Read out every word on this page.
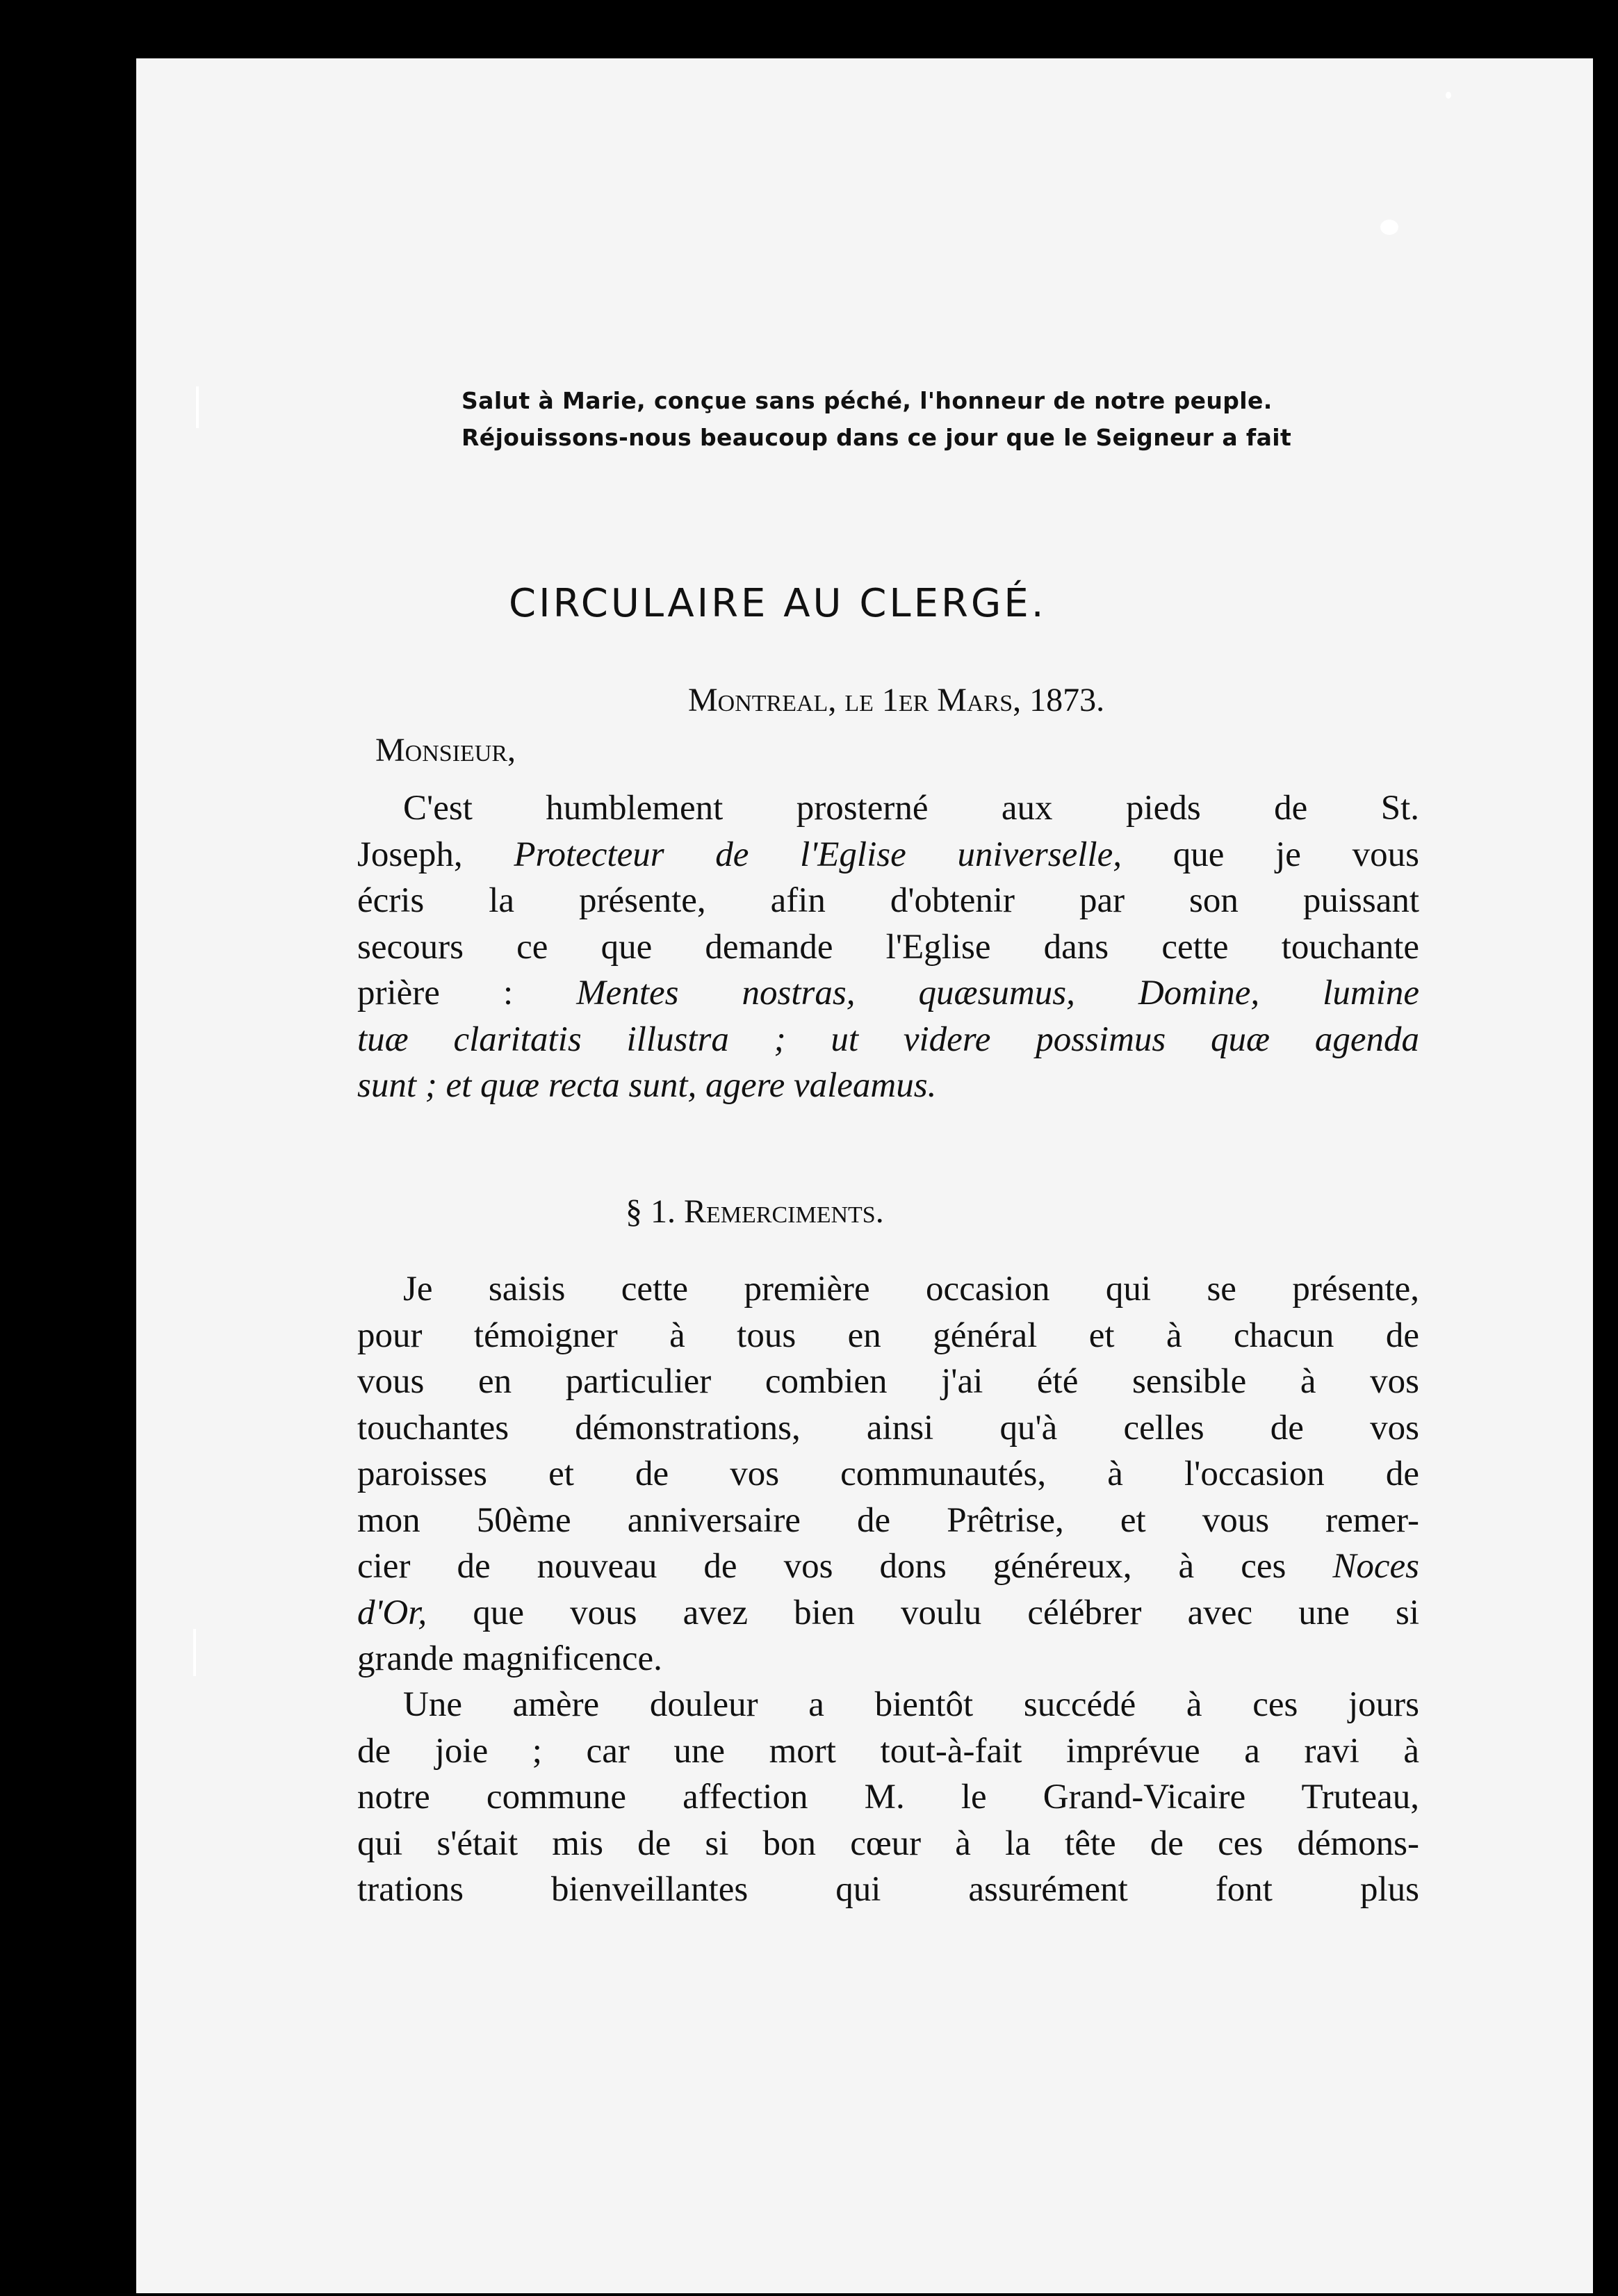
Salut à Marie, conçue sans péché, l'honneur de notre peuple.
Réjouissons-nous beaucoup dans ce jour que le Seigneur a fait
CIRCULAIRE AU CLERGÉ.
Montreal, le 1er Mars, 1873.
Monsieur,
C'est humblement prosterné aux pieds de St.
Joseph, Protecteur de l'Eglise universelle, que je vous
écris la présente, afin d'obtenir par son puissant
secours ce que demande l'Eglise dans cette touchante
prière : Mentes nostras, quæsumus, Domine, lumine
tuæ claritatis illustra ; ut videre possimus quæ agenda
sunt ; et quæ recta sunt, agere valeamus.
§ 1. Remerciments.
Je saisis cette première occasion qui se présente,
pour témoigner à tous en général et à chacun de
vous en particulier combien j'ai été sensible à vos
touchantes démonstrations, ainsi qu'à celles de vos
paroisses et de vos communautés, à l'occasion de
mon 50ème anniversaire de Prêtrise, et vous remer-
cier de nouveau de vos dons généreux, à ces Noces
d'Or, que vous avez bien voulu célébrer avec une si
grande magnificence.
Une amère douleur a bientôt succédé à ces jours
de joie ; car une mort tout-à-fait imprévue a ravi à
notre commune affection M. le Grand-Vicaire Truteau,
qui s'était mis de si bon cœur à la tête de ces démons-
trations bienveillantes qui assurément font plus
